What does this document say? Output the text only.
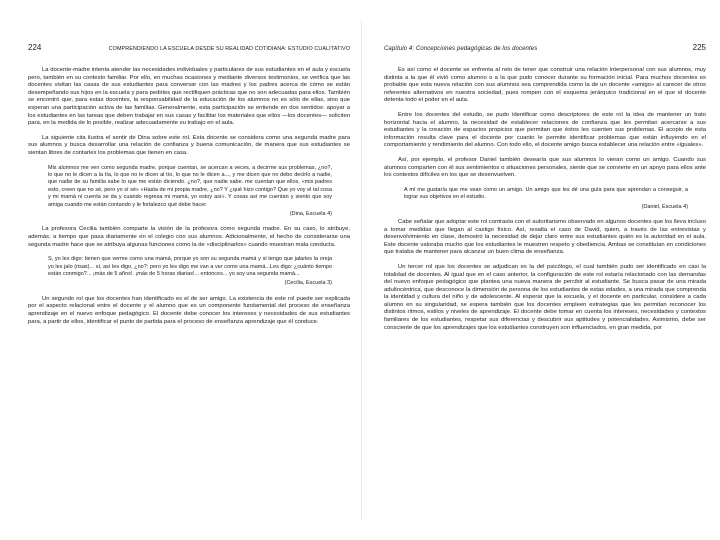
224	COMPRENDIENDO LA ESCUELA DESDE SU REALIDAD COTIDIANA: ESTUDIO CUALITATIVO

La docente-madre intenta atender las necesidades individuales y particulares de sus estudiantes en el aula y escuela pero, también en su contexto familiar. Por ello, en muchas ocasiones y mediante diversos testimonios, se verifica que las docentes visitan las casas de sus estudiantes para conversar con las madres y los padres acerca de cómo se están desempeñando sus hijos en la escuela y para pedirles que rectifiquen prácticas que no son adecuadas para ellos. También se encontró que, para estas docentes, la responsabilidad de la educación de los alumnos no es sólo de ellas, sino que esperan una participación activa de las familias. Generalmente, esta participación se entiende en dos sentidos: apoyar a los estudiantes en las tareas que deben trabajar en sus casas y facilitar los materiales que ellos —los docentes— soliciten para, en la medida de lo posible, realizar adecuadamente su trabajo en el aula.

La siguiente cita ilustra el sentir de Dina sobre este rol. Esta docente se considera como una segunda madre para sus alumnos y busca desarrollar una relación de confianza y buena comunicación, de manera que sus estudiantes se sientan libres de contarles los problemas que tienen en casa.

Mis alumnos me ven como segunda madre, porque cuentan, se acercan a veces, a decirme sus problemas, ¿no?, lo que no le dicen a la tía, lo que no le dicen al tío, lo que no le dicen a..., y me dicen que no debo decirlo a nadie, que nadie de su familia sabe lo que me están diciendo. ¿no?, que nadie sabe. me cuentan que ellos, «mis padres esto, creen que no sé, pero yo sí sé» «Hasta de mi propia madre, ¿no? Y ¿qué hizo contigo? Que yo voy el tal cosa y mi mamá ni cuenta se da y cuando regresa mi mamá, yo estoy así». Y cosas así me cuentan y siento que soy amiga cuando me están contando y le fortalezco qué debe hacer.

(Dina, Escuela 4)

La profesora Cecilia también comparte la visión de la profesora como segunda madre. En su caso, lo atribuye, además, a tiempo que pasa diariamente en el colegio con sus alumnos. Adicionalmente, el hecho de considerarse una segunda madre hace que se atribuya algunas funciones como la de «disciplinarlos» cuando muestran mala conducta.

S, yo les digo: tienen que verme como una mamá, porque yo son su segunda mamá y si tengo que jalarles la oreja yo les jalo (risas)... sí, así les digo, ¿no?; pero yo les digo me van a ver como una mamá...Les digo: ¿cuánto tiempo están conmigo?... ¡más de 5 años!. ¡más de 5 horas diarias!... entonces... yo soy una segunda mamá...

(Cecilia, Escuela 3)

Un segundo rol que los docentes han identificado es el de ser amigo. La existencia de este rol puede ser explicada por el aspecto relacional entre el docente y el alumno que es un componente fundamental del proceso de enseñanza aprendizaje en el nuevo enfoque pedagógico. El docente debe conocer los intereses y necesidades de sus estudiantes para, a partir de ellos, identificar el punto de partida para el proceso de enseñanza aprendizaje que él conduce.

Capítulo 4: Concepciones pedagógicas de los docentes	225

Es así como el docente se enfrenta al reto de tener que construir una relación interpersonal con sus alumnos, muy distinta a la que él vivió como alumno o a la que pudo conocer durante su formación inicial. Para muchos docentes es probable que esta nueva relación con sus alumnos sea comprendida como la de un docente «amigo» al carecer de otros referentes alternativos en nuestra sociedad, pues rompen con el esquema jerárquico tradicional en el que el docente detenta todo el poder en el aula.

Entre los docentes del estudio, se pudo identificar como descriptores de este rol la idea de mantener un trato horizontal hacia el alumno, la necesidad de establecer relaciones de confianza que les permitan acercarse a sus estudiantes y la creación de espacios propicios que permitan que éstos les cuenten sus problemas. El acopio de esta información resulta clave para el docente por cuanto le permite identificar problemas que están influyendo en el comportamiento y rendimiento del alumno. Con todo ello, el docente amigo busca establecer una relación entre «iguales».

Así, por ejemplo, el profesor Daniel también desearía que sus alumnos lo vieran como un amigo. Cuando sus alumnos comparten con él sus sentimientos o situaciones personales, siente que se convierte en un apoyo para ellos ante los contextos difíciles en los que se desenvuelven.

A mí me gustaría que me vean como un amigo. Un amigo que les dé una guía para que aprendan a conseguir, a lograr sus objetivos en el estudio.

(Daniel, Escuela 4)

Cabe señalar que adoptar este rol contrasta con el autoritarismo observado en algunos docentes que los lleva incluso a tomar medidas que llegan al castigo físico. Así, resalta el caso de David, quien, a través de las entrevistas y desenvolvimiento en clase, demostró la necesidad de dejar claro entre sus estudiantes quién es la autoridad en el aula. Este docente valoraba mucho que los estudiantes le muestren respeto y obediencia. Ambas se constituían en condiciones que trataba de mantener para alcanzar un buen clima de enseñanza.

Un tercer rol que los docentes se adjudican es la del psicólogo, el cual también pudo ser identificado en casi la totalidad de docentes. Al igual que en el caso anterior, la configuración de este rol estaría relacionado con las demandas del nuevo enfoque pedagógico que plantea una nueva manera de percibir al estudiante. Se busca pasar de una mirada adultocéntrica, que desconoce la dimensión de persona de los estudiantes de estas edades, a una mirada que comprenda la identidad y cultura del niño y de adolescente. Al esperar que la escuela, y el docente en particular, considere a cada alumno en su singularidad, se espera también que los docentes empleen estrategias que les permitan reconocer los distintos ritmos, estilos y niveles de aprendizaje. El docente debe tomar en cuenta los intereses, necesidades y contextos familiares de los estudiantes, respetar sus diferencias y descubrir sus aptitudes y potencialidades. Asimismo, debe ser consciente de que los aprendizajes que los estudiantes construyen son influenciados, en gran medida, por
